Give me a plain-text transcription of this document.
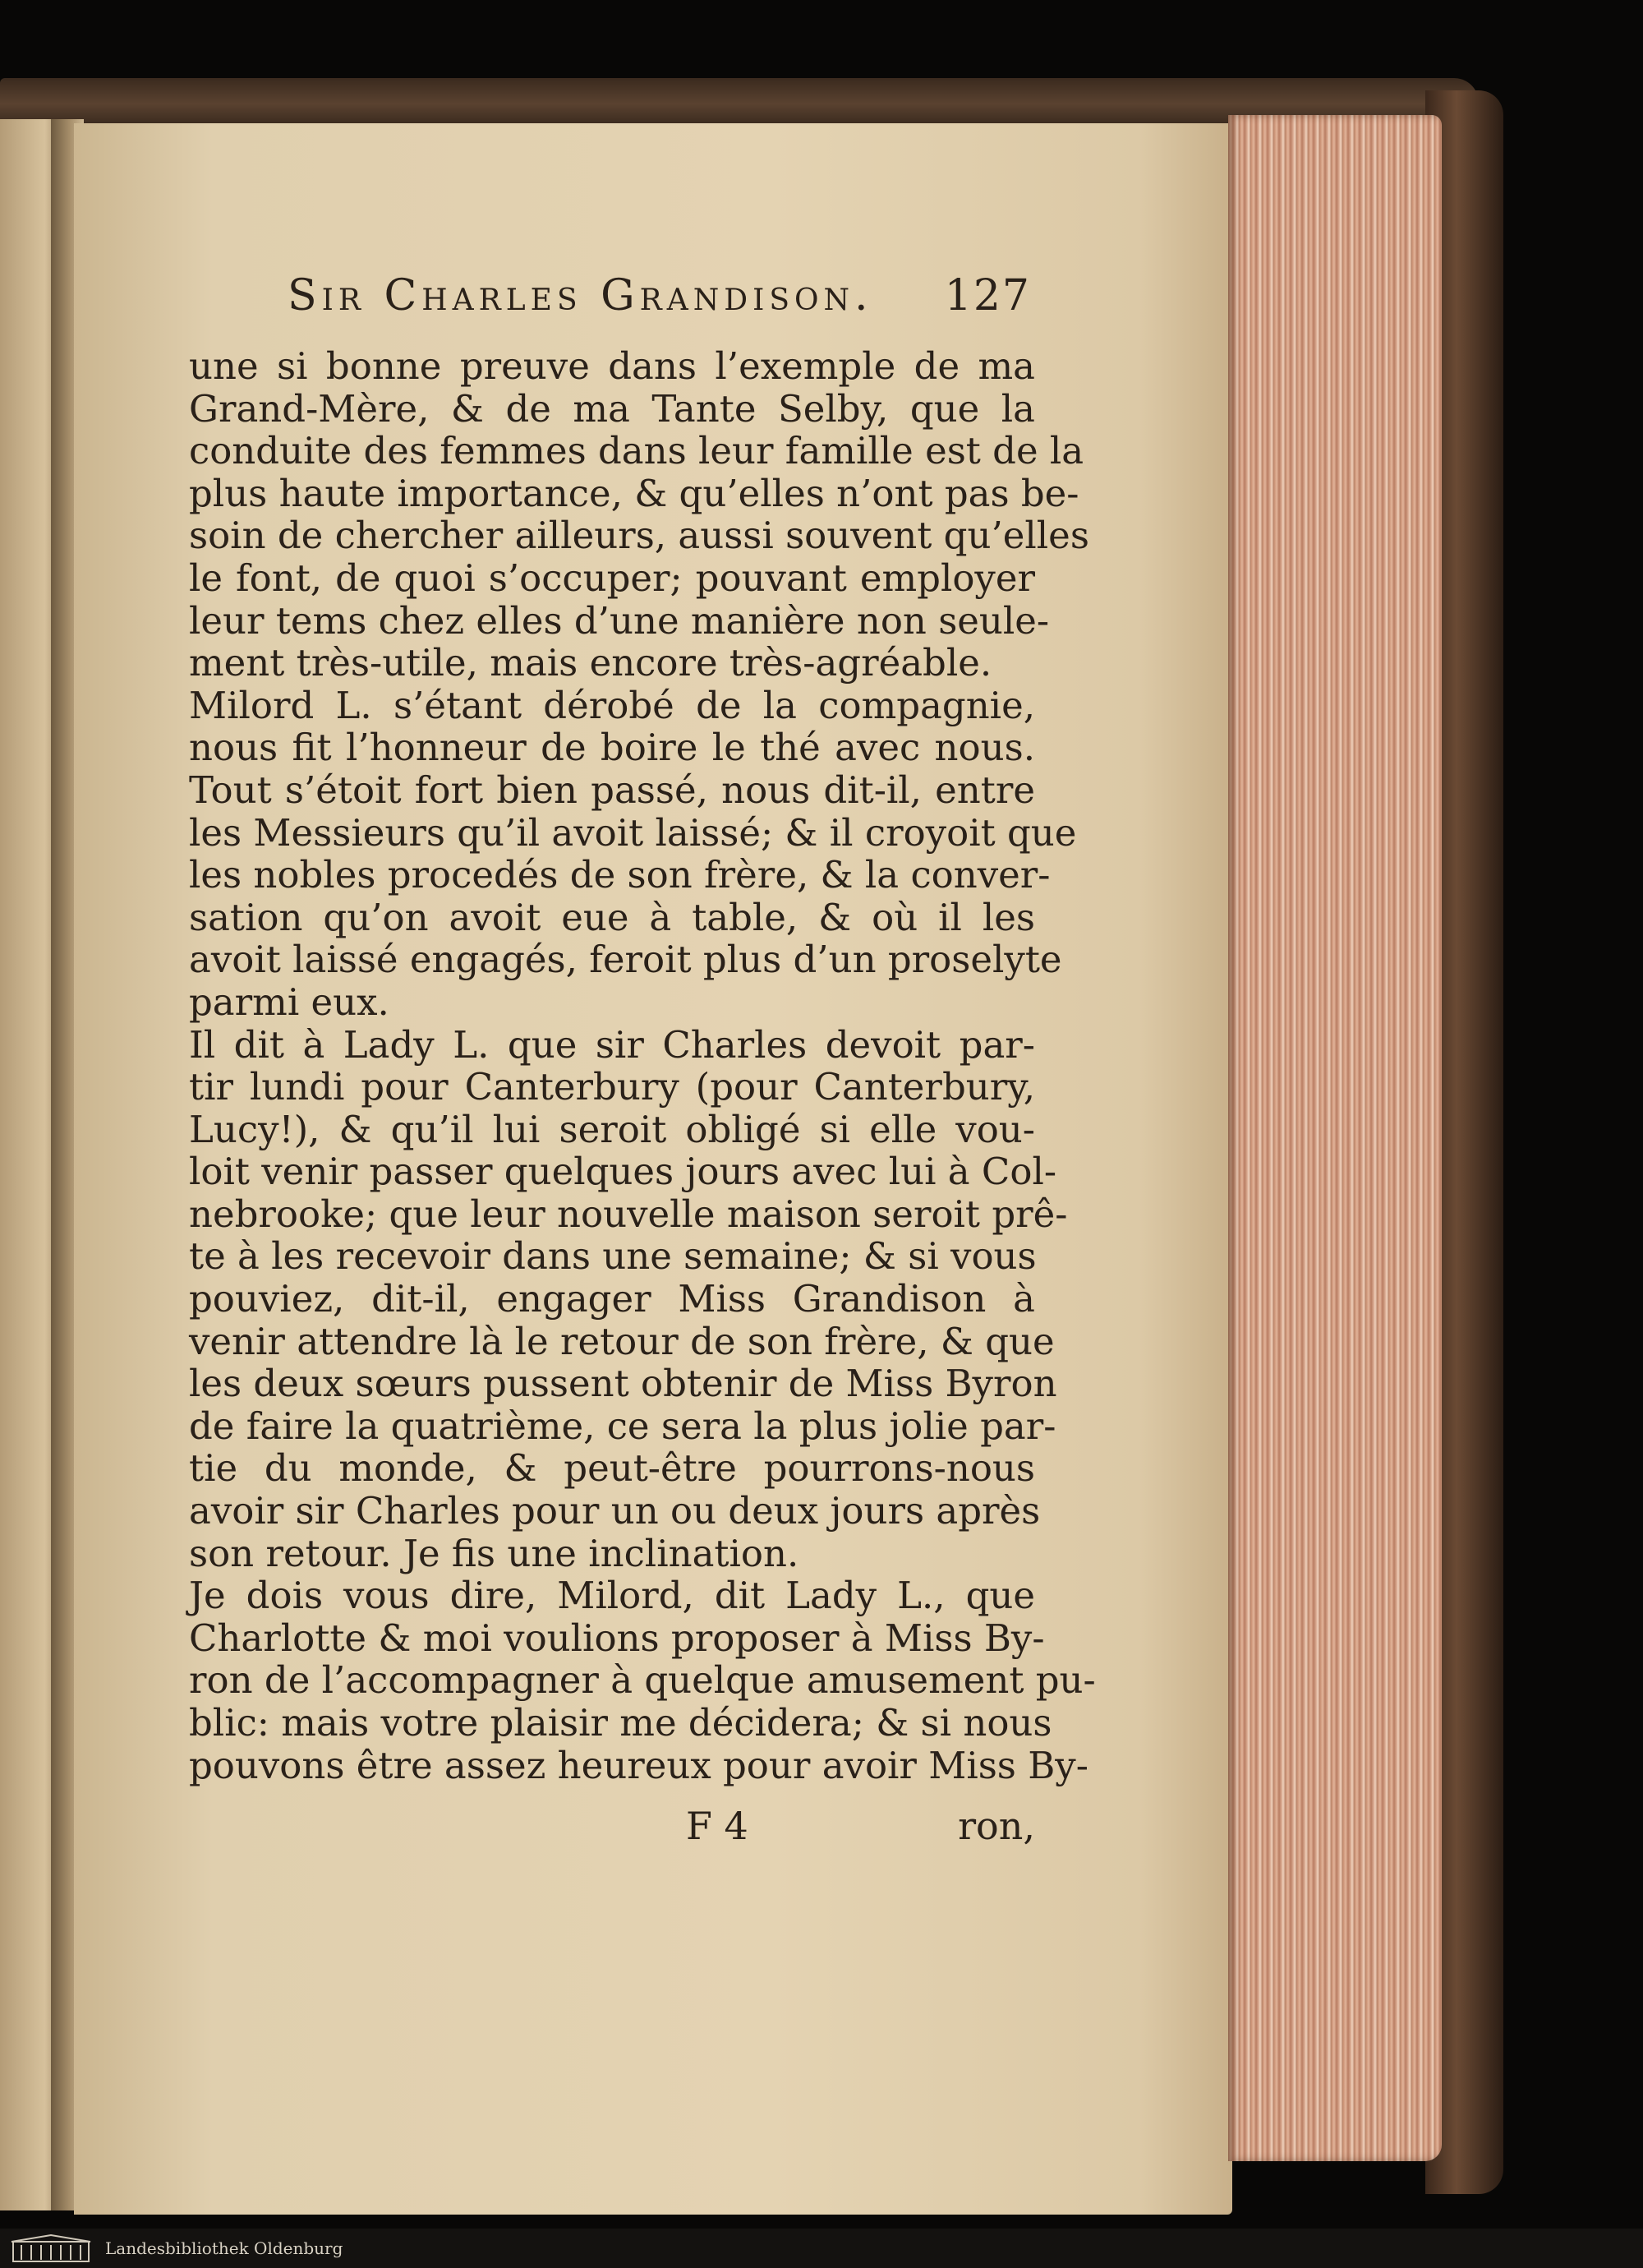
Sir Charles Grandison. 127
une si bonne preuve dans l’exemple de ma
Grand-Mère, & de ma Tante Selby, que la
conduite des femmes dans leur famille est de la
plus haute importance, & qu’elles n’ont pas be-
soin de chercher ailleurs, aussi souvent qu’elles
le font, de quoi s’occuper; pouvant employer
leur tems chez elles d’une manière non seule-
ment très-utile, mais encore très-agréable.
Milord L. s’étant dérobé de la compagnie,
nous fit l’honneur de boire le thé avec nous.
Tout s’étoit fort bien passé, nous dit-il, entre
les Messieurs qu’il avoit laissé; & il croyoit que
les nobles procedés de son frère, & la conver-
sation qu’on avoit eue à table, & où il les
avoit laissé engagés, feroit plus d’un proselyte
parmi eux.
Il dit à Lady L. que sir Charles devoit par-
tir lundi pour Canterbury (pour Canterbury,
Lucy!), & qu’il lui seroit obligé si elle vou-
loit venir passer quelques jours avec lui à Col-
nebrooke; que leur nouvelle maison seroit prê-
te à les recevoir dans une semaine; & si vous
pouviez, dit-il, engager Miss Grandison à
venir attendre là le retour de son frère, & que
les deux sœurs pussent obtenir de Miss Byron
de faire la quatrième, ce sera la plus jolie par-
tie du monde, & peut-être pourrons-nous
avoir sir Charles pour un ou deux jours après
son retour. Je fis une inclination.
Je dois vous dire, Milord, dit Lady L., que
Charlotte & moi voulions proposer à Miss By-
ron de l’accompagner à quelque amusement pu-
blic: mais votre plaisir me décidera; & si nous
pouvons être assez heureux pour avoir Miss By-
F 4	ron,
Landesbibliothek Oldenburg
